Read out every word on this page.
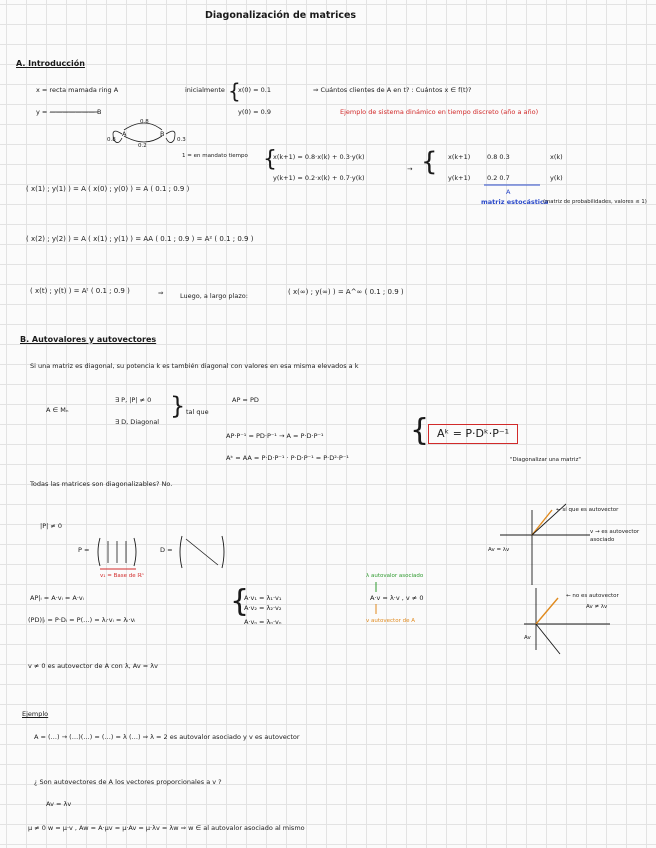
Diagonalización de matrices
A. Introducción
x = recta mamada ring A
y = ——————— B
inicialmente {
x(0) = 0.1
y(0) = 0.9
⇒ Cuántos clientes de A en t? : Cuántos x ∈ f(t)?
Ejemplo de sistema dinámico en tiempo discreto (año a año)
A	B
0.8
0.2
0.8	0.3
1 = en mandato tiempo {
x(k+1) = 0.8·x(k) + 0.3·y(k)
y(k+1) = 0.2·x(k) + 0.7·y(k)
→ { x(k+1)
y(k+1)
0.8 0.3
0.2 0.7
x(k)
y(k)
A
matriz estocástica
(matriz de probabilidades, valores ≤ 1)
( x(1) ; y(1) ) = A ( x(0) ; y(0) ) = A ( 0.1 ; 0.9 )
( x(2) ; y(2) ) = A ( x(1) ; y(1) ) = AA ( 0.1 ; 0.9 ) = A² ( 0.1 ; 0.9 )
( x(t) ; y(t) ) = Aᵗ ( 0.1 ; 0.9 )	⇒	Luego, a largo plazo:	( x(∞) ; y(∞) ) = A^∞ ( 0.1 ; 0.9 )
B. Autovalores y autovectores
Si una matriz es diagonal, su potencia k es también diagonal con valores en esa misma elevados a k
A ∈ Mₙ
∃ P, |P| ≠ 0
∃ D, Diagonal
} tal que
AP = PD
AP·P⁻¹ = PD·P⁻¹ → A = P·D·P⁻¹
Aᵏ = AA = P·D·P⁻¹ · P·D·P⁻¹ = P·D²·P⁻¹
{ Aᵏ = P·Dᵏ·P⁻¹
"Diagonalizar una matriz"
Todas las matrices son diagonalizables? No.
|P| ≠ 0
P =	D =
v₁ = Base de ℝⁿ
AP|ᵢ = A·vᵢ = A·vᵢ
(PD)|ᵢ = P·Dᵢ = P(…) = λᵢ·vᵢ = λᵢ·vᵢ
{
A·v₁ = λ₁·v₁
A·v₂ = λ₂·v₂
A·vₙ = λₙ·vₙ
A·v = λ·v , v ≠ 0
λ autovalor asociado
v autovector de A
v ≠ 0 es autovector de A con λ, Av = λv
← sí que es autovector
v → es autovector asociado
Av = λv
← no es autovector
Av ≠ λv
Av
Ejemplo
A = (…) → (…)(…) = (…) = λ (…) ⇒ λ = 2 es autovalor asociado y v es autovector
¿ Son autovectores de A los vectores proporcionales a v ?
Av = λv
μ ≠ 0 w = μ·v , Aw = A·μv = μ·Av = μ·λv = λw ⇒ w ∈ al autovalor asociado al mismo
